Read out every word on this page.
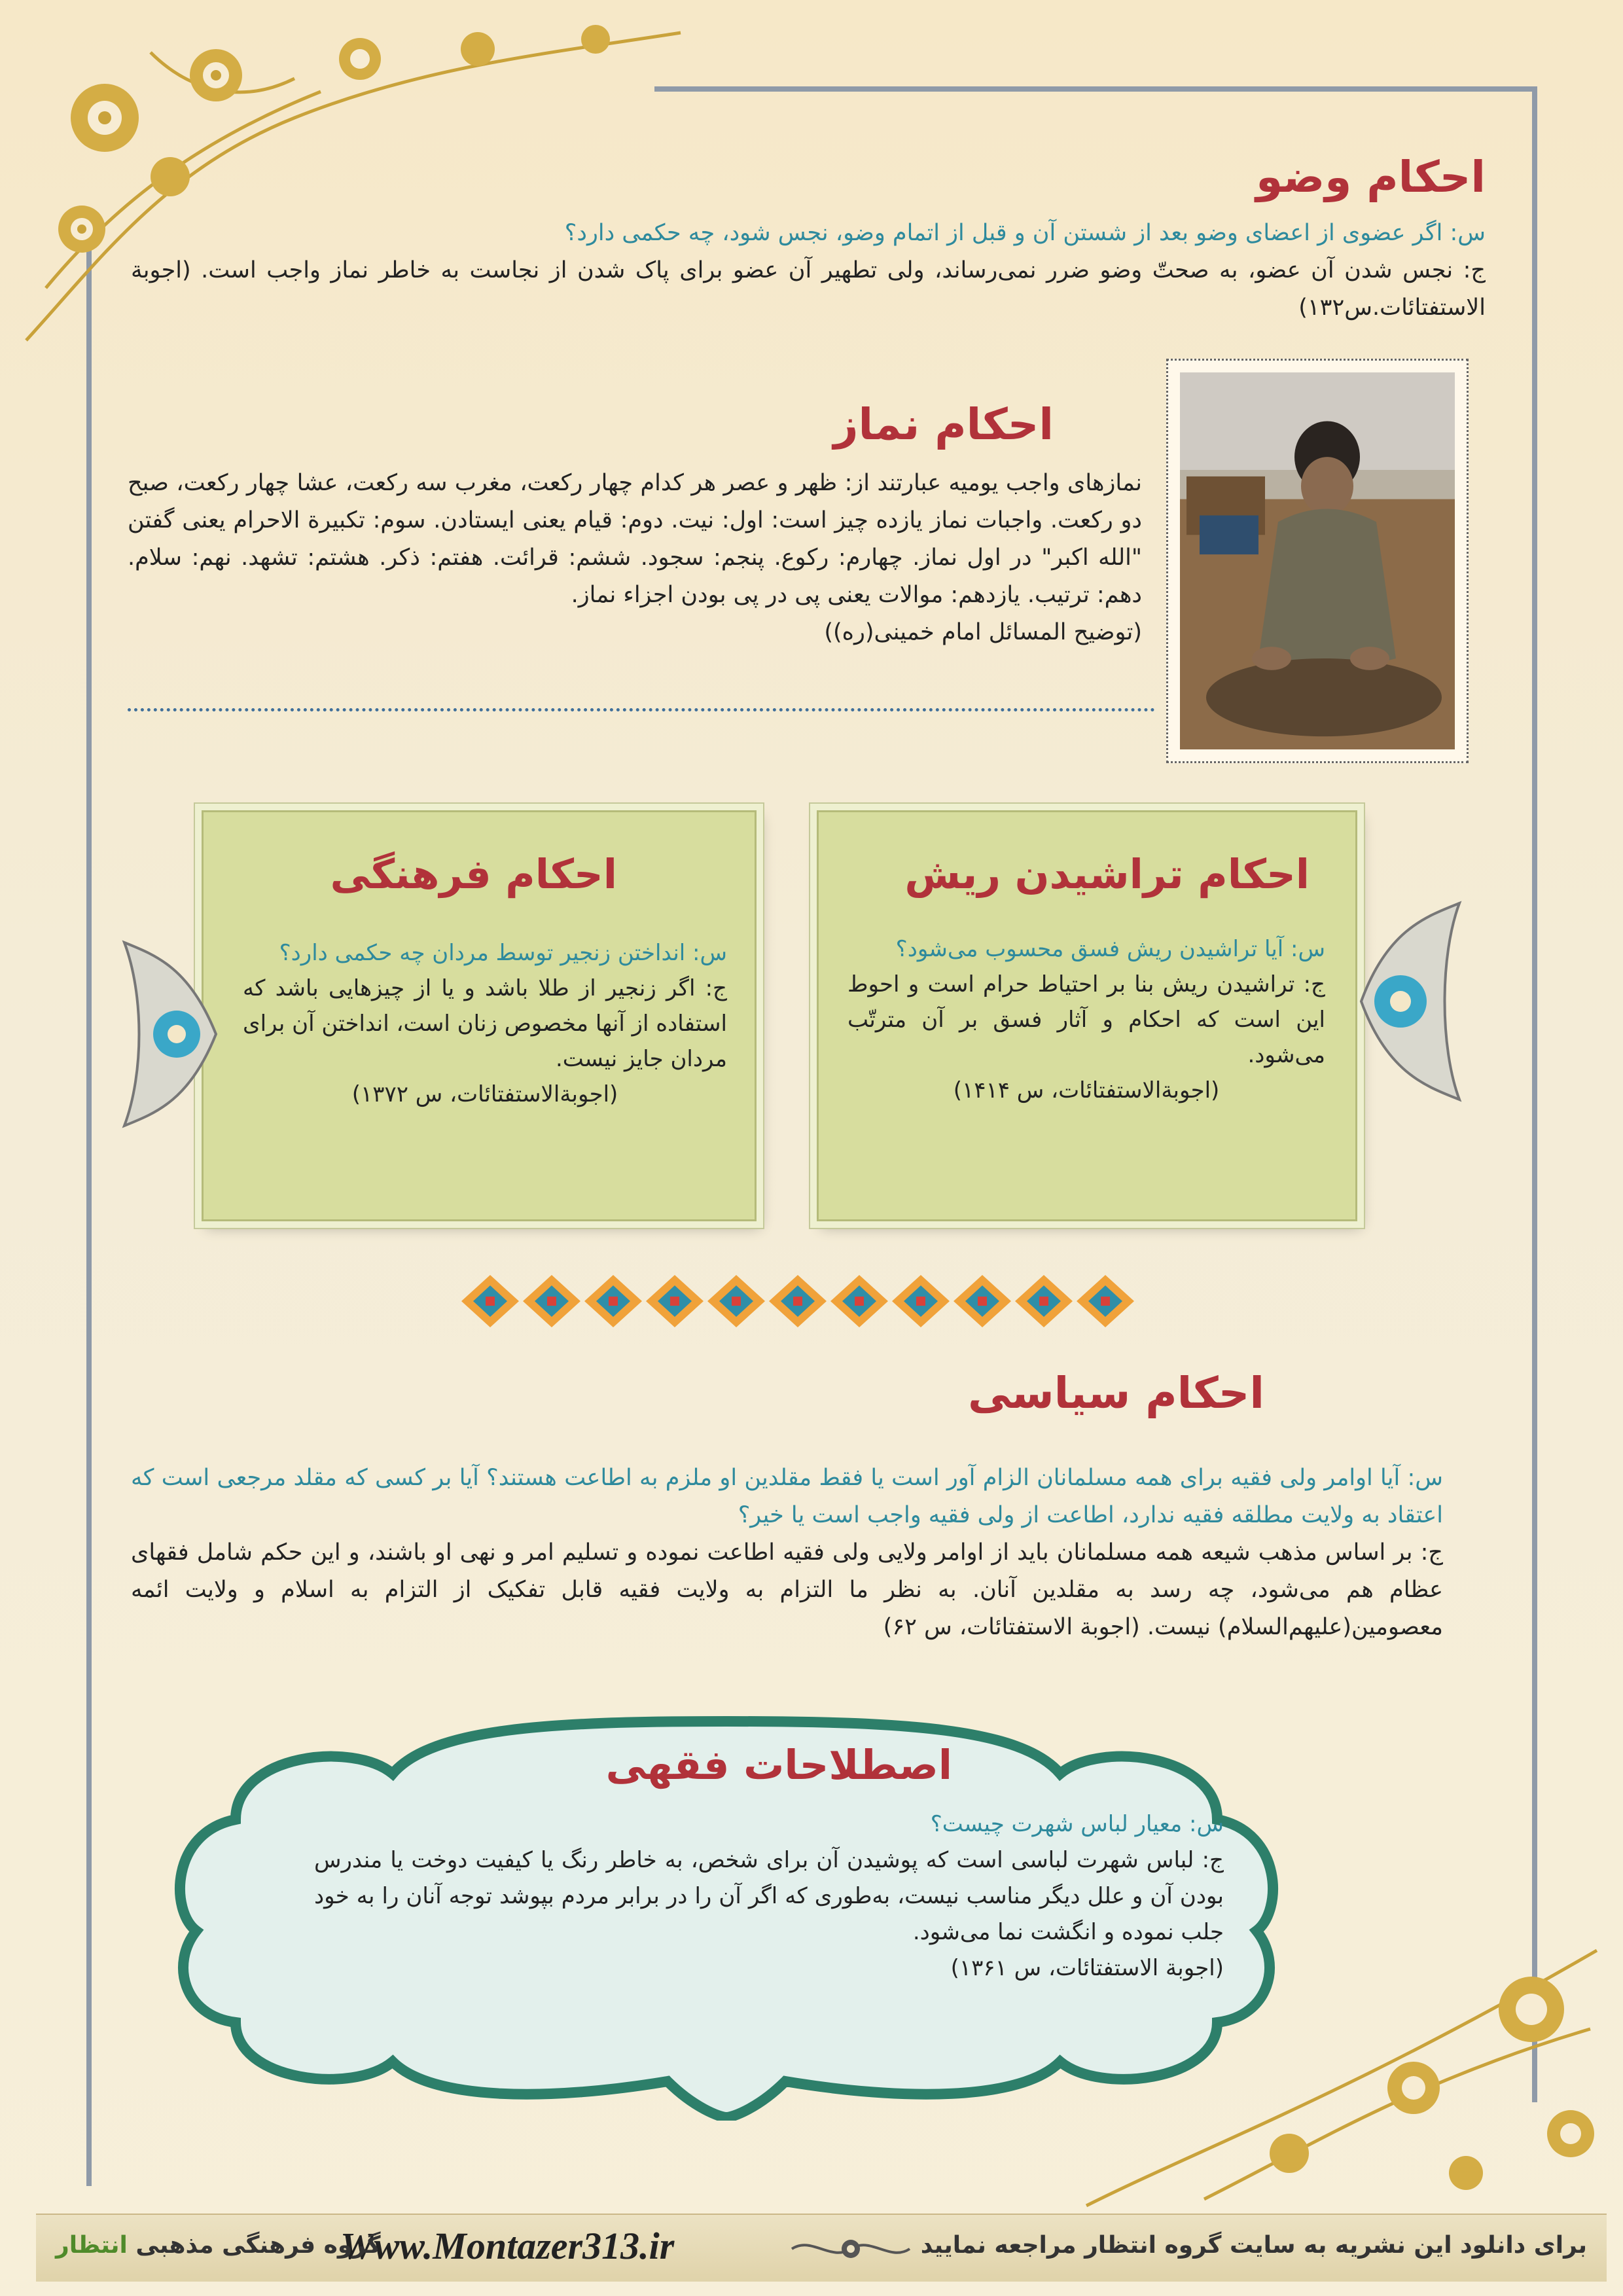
احکام وضو

س: اگر عضوی از اعضای وضو بعد از شستن آن و قبل از اتمام وضو، نجس شود، چه حکمی دارد؟

ج: نجس شدن آن عضو، به صحتّ وضو ضرر نمی‌رساند، ولی تطهیر آن عضو برای پاک شدن از نجاست به خاطر نماز واجب است. (اجوبة الاستفتائات.س۱۳۲)

احکام نماز

نمازهای واجب یومیه عبارتند از: ظهر و عصر هر کدام چهار رکعت، مغرب سه رکعت، عشا چهار رکعت، صبح دو رکعت. واجبات نماز یازده چیز است: اول: نیت. دوم: قیام یعنی ایستادن. سوم: تکبیرة الاحرام یعنی گفتن "الله اکبر" در اول نماز. چهارم: رکوع. پنجم: سجود. ششم: قرائت. هفتم: ذکر. هشتم: تشهد. نهم: سلام. دهم: ترتیب. یازدهم: موالات یعنی پی در پی بودن اجزاء نماز.

(توضیح المسائل امام خمینی(ره))

احکام تراشیدن ریش

س: آیا تراشیدن ریش فسق محسوب می‌شود؟

ج: تراشیدن ریش بنا بر احتیاط حرام است و احوط این است که احکام و آثار فسق بر آن مترتّب می‌شود.

(اجوبةالاستفتائات، س ۱۴۱۴)

احکام فرهنگی

س: انداختن زنجیر توسط مردان چه حکمی دارد؟

ج: اگر زنجیر از طلا باشد و یا از چیزهایی باشد که استفاده از آنها مخصوص زنان است، انداختن آن برای مردان جایز نیست.

(اجوبةالاستفتائات، س ۱۳۷۲)

احکام سیاسی

س: آیا اوامر ولی فقیه برای همه مسلمانان الزام آور است یا فقط مقلدین او ملزم به اطاعت هستند؟ آیا بر کسی که مقلد مرجعی است که اعتقاد به ولایت مطلقه فقیه ندارد، اطاعت از ولی فقیه واجب است یا خیر؟

ج: بر اساس مذهب شیعه همه مسلمانان باید از اوامر ولایی ولی فقیه اطاعت نموده و تسلیم امر و نهی او باشند، و این حکم شامل فقهای عظام هم می‌شود، چه رسد به مقلدین آنان. به نظر ما التزام به ولایت فقیه قابل تفکیک از التزام به اسلام و ولایت ائمه معصومین(علیهم‌السلام) نیست. (اجوبة الاستفتائات، س ۶۲)

اصطلاحات فقهی

س: معیار لباس شهرت چیست؟

ج: لباس شهرت لباسی است که پوشیدن آن برای شخص، به خاطر رنگ یا کیفیت دوخت یا مندرس بودن آن و علل دیگر مناسب نیست، به‌طوری که اگر آن را در برابر مردم بپوشد توجه آنان را به خود جلب نموده و انگشت نما می‌شود.

(اجوبة الاستفتائات، س ۱۳۶۱)

برای دانلود این نشریه به سایت گروه انتظار مراجعه نمایید
Www.Montazer313.ir
گروه فرهنگی مذهبی انتظار
